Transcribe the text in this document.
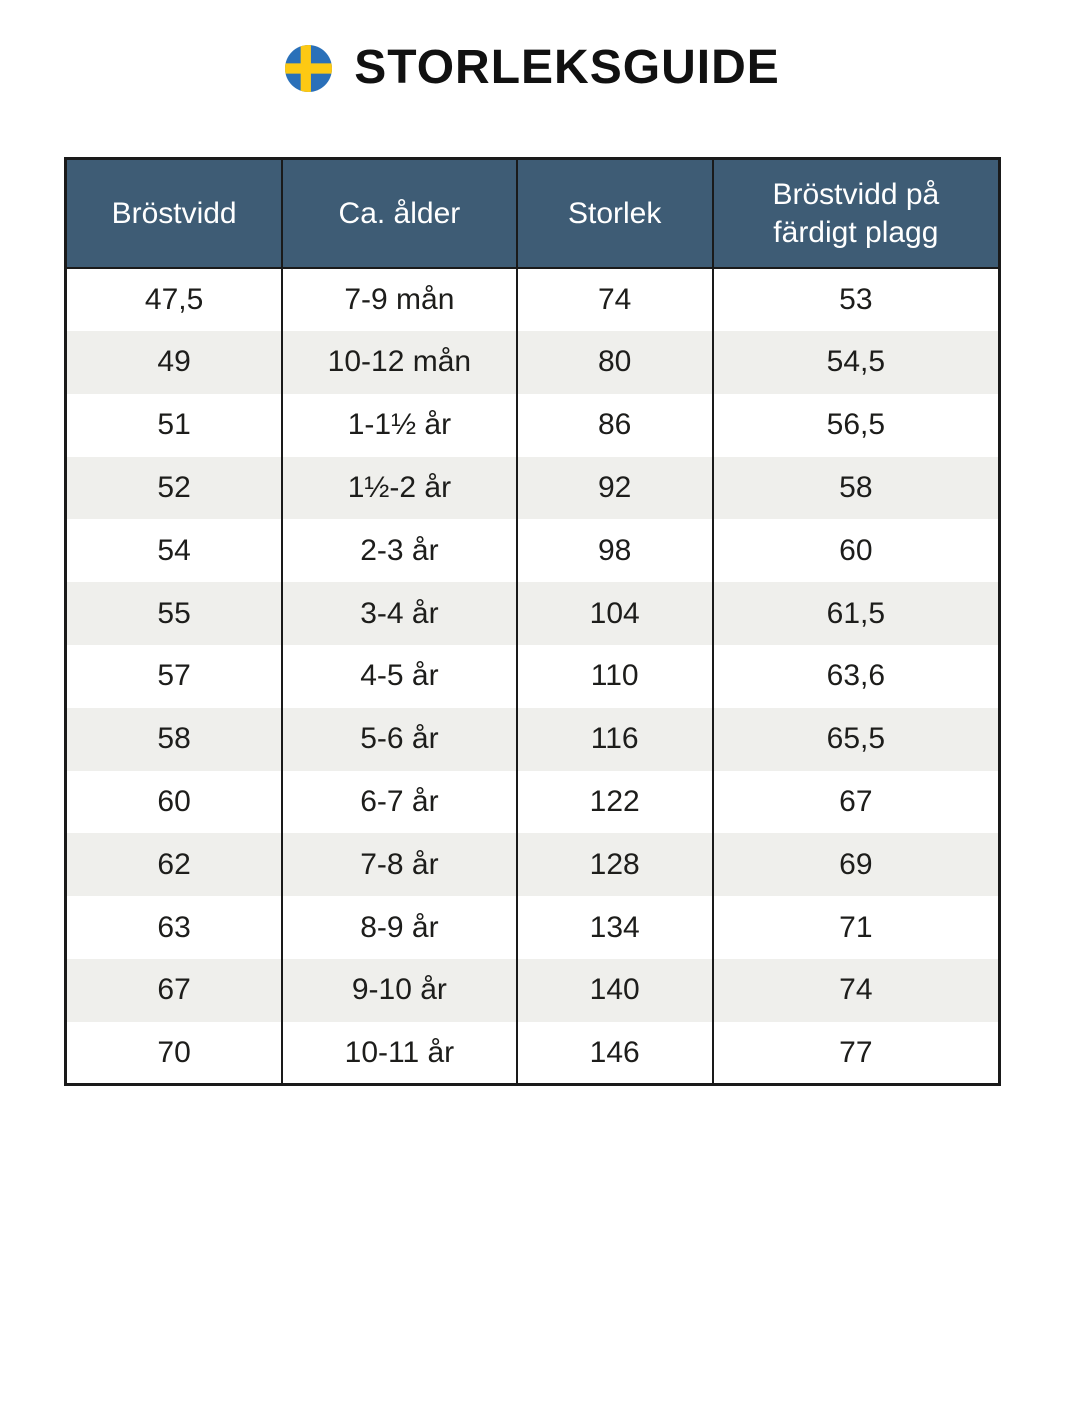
STORLEKSGUIDE
Bröstvidd	Ca. ålder	Storlek	Bröstvidd på färdigt plagg
47,5	7-9 mån	74	53
49	10-12 mån	80	54,5
51	1-1½ år	86	56,5
52	1½-2 år	92	58
54	2-3 år	98	60
55	3-4 år	104	61,5
57	4-5 år	110	63,6
58	5-6 år	116	65,5
60	6-7 år	122	67
62	7-8 år	128	69
63	8-9 år	134	71
67	9-10 år	140	74
70	10-11 år	146	77
